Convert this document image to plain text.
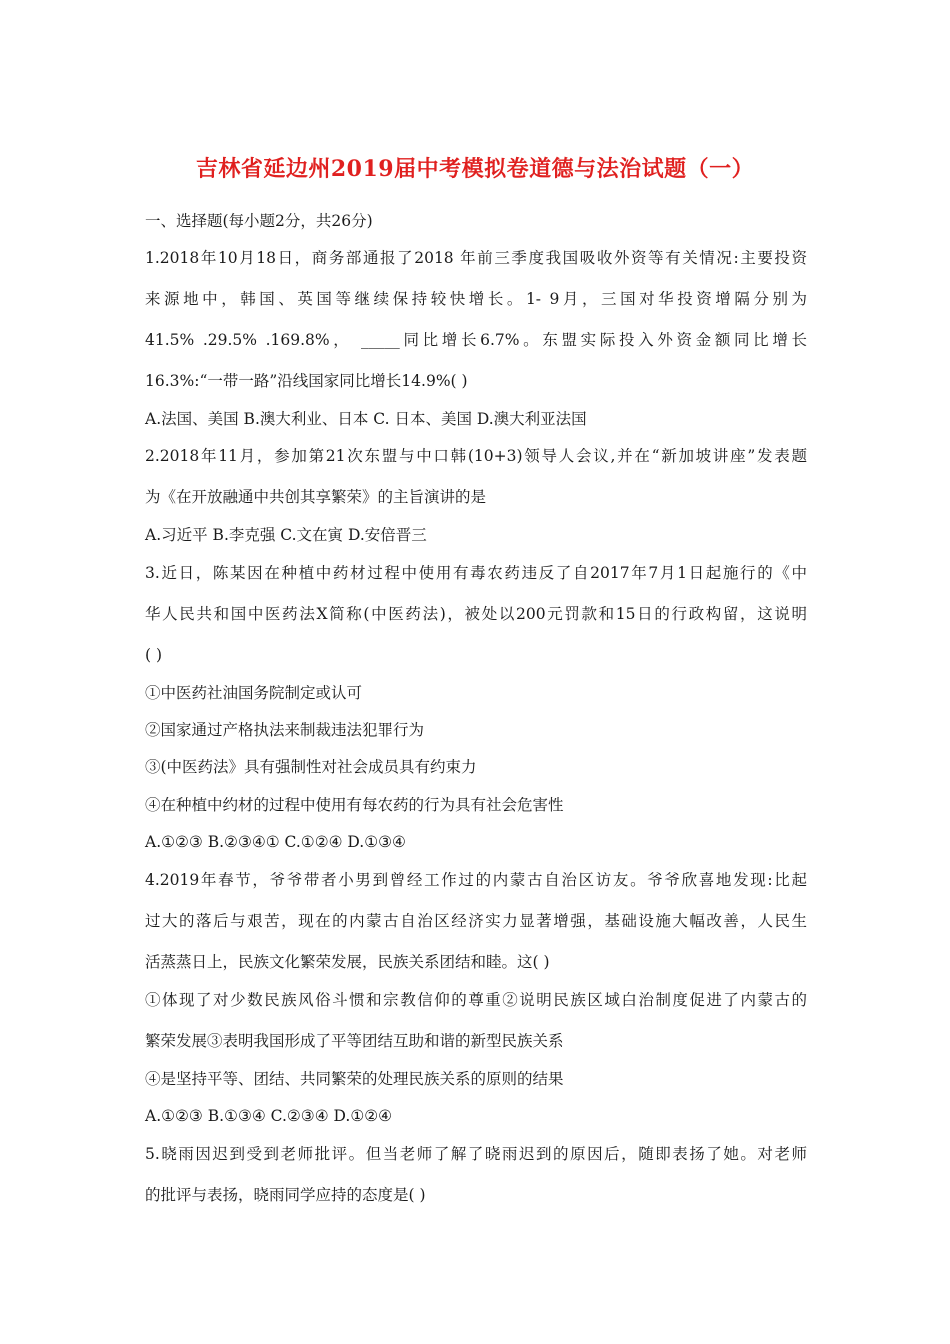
吉林省延边州2019届中考模拟卷道德与法治试题（一）
一、选择题(每小题2分，共26分)
1.2018年10月18日，商务部通报了2018 年前三季度我国吸收外资等有关情况:主要投资
来源地中，韩国、英国等继续保持较快增长。1- 9月，三国对华投资增隔分别为
41.5% .29.5% .169.8%， _____同比增长6.7%。东盟实际投入外资金额同比增长
16.3%:“一带一路”沿线国家同比增长14.9%( )
A.法国、美国 B.澳大利业、日本 C. 日本、美国 D.澳大利亚法国
2.2018年11月，参加第21次东盟与中口韩(10+3)领导人会议,并在“新加坡讲座”发表题
为《在开放融通中共创其享繁荣》的主旨演讲的是
A.习近平 B.李克强 C.文在寅 D.安倍晋三
3.近日，陈某因在种植中药材过程中使用有毒农药违反了自2017年7月1日起施行的《中
华人民共和国中医药法X简称(中医药法)，被处以200元罚款和15日的行政构留，这说明
( )
①中医药社油国务院制定或认可
②国家通过产格执法来制裁违法犯罪行为
③(中医药法》具有强制性对社会成员具有约束力
④在种植中约材的过程中使用有每农药的行为具有社会危害性
A.①②③ B.②③④① C.①②④ D.①③④
4.2019年春节，爷爷带者小男到曾经工作过的内蒙古自治区访友。爷爷欣喜地发现:比起
过大的落后与艰苦，现在的内蒙古自治区经济实力显著增强，基础设施大幅改善，人民生
活蒸蒸日上，民族文化繁荣发展，民族关系团结和睦。这( )
①体现了对少数民族风俗斗惯和宗教信仰的尊重②说明民族区域白治制度促进了内蒙古的
繁荣发展③表明我国形成了平等团结互助和谐的新型民族关系
④是坚持平等、团结、共同繁荣的处理民族关系的原则的结果
A.①②③ B.①③④ C.②③④ D.①②④
5.晓雨因迟到受到老师批评。但当老师了解了晓雨迟到的原因后，随即表扬了她。对老师
的批评与表扬，晓雨同学应持的态度是( )
